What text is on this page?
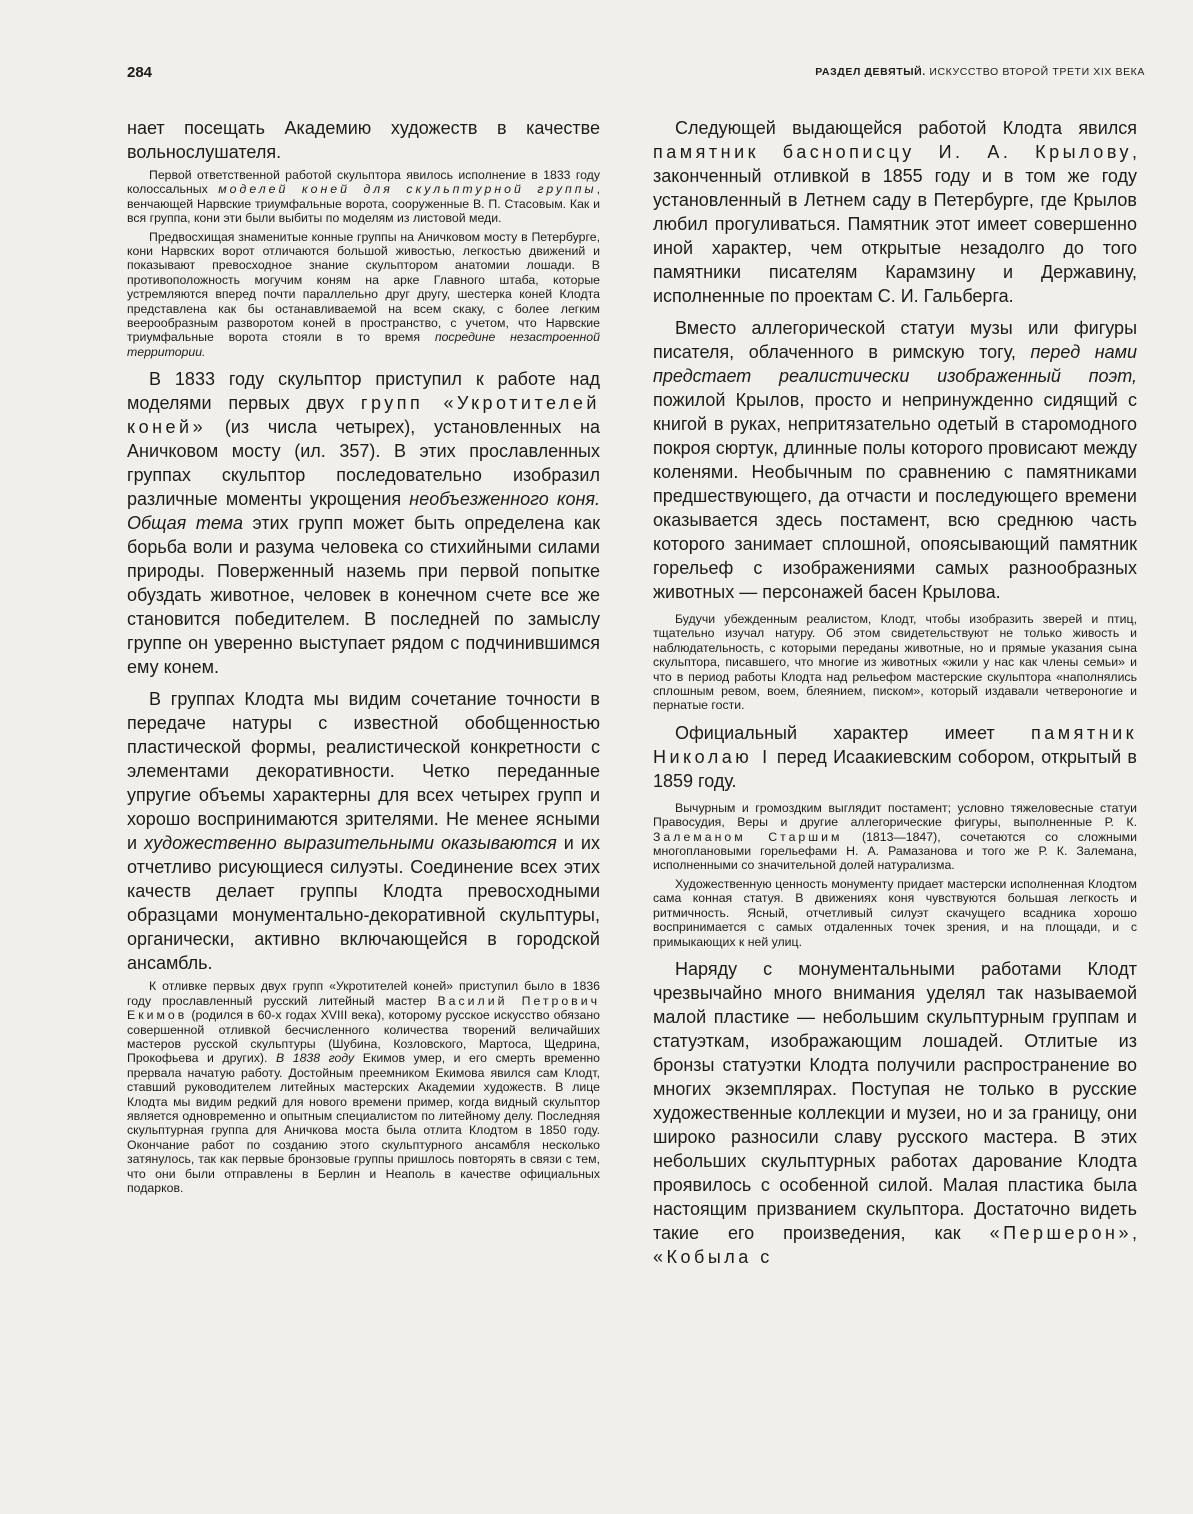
284	РАЗДЕЛ ДЕВЯТЫЙ. ИСКУССТВО ВТОРОЙ ТРЕТИ XIX ВЕКА

нает посещать Академию художеств в качестве вольнослушателя.

Первой ответственной работой скульптора явилось исполнение в 1833 году колоссальных моделей коней для скульптурной группы, венчающей Нарвские триумфальные ворота, сооруженные В. П. Стасовым. Как и вся группа, кони эти были выбиты по моделям из листовой меди.

Предвосхищая знаменитые конные группы на Аничковом мосту в Петербурге, кони Нарвских ворот отличаются большой живостью, легкостью движений и показывают превосходное знание скульптором анатомии лошади. В противоположность могучим коням на арке Главного штаба, которые устремляются вперед почти параллельно друг другу, шестерка коней Клодта представлена как бы останавливаемой на всем скаку, с более легким веерообразным разворотом коней в пространство, с учетом, что Нарвские триумфальные ворота стояли в то время посредине незастроенной территории.

В 1833 году скульптор приступил к работе над моделями первых двух групп «Укротителей коней» (из числа четырех), установленных на Аничковом мосту (ил. 357). В этих прославленных группах скульптор последовательно изобразил различные моменты укрощения необъезженного коня. Общая тема этих групп может быть определена как борьба воли и разума человека со стихийными силами природы. Поверженный наземь при первой попытке обуздать животное, человек в конечном счете все же становится победителем. В последней по замыслу группе он уверенно выступает рядом с подчинившимся ему конем.

В группах Клодта мы видим сочетание точности в передаче натуры с известной обобщенностью пластической формы, реалистической конкретности с элементами декоративности. Четко переданные упругие объемы характерны для всех четырех групп и хорошо воспринимаются зрителями. Не менее ясными и художественно выразительными оказываются и их отчетливо рисующиеся силуэты. Соединение всех этих качеств делает группы Клодта превосходными образцами монументально-декоративной скульптуры, органически, активно включающейся в городской ансамбль.

К отливке первых двух групп «Укротителей коней» приступил было в 1836 году прославленный русский литейный мастер Василий Петрович Екимов (родился в 60-х годах XVIII века), которому русское искусство обязано совершенной отливкой бесчисленного количества творений величайших мастеров русской скульптуры (Шубина, Козловского, Мартоса, Щедрина, Прокофьева и других). В 1838 году Екимов умер, и его смерть временно прервала начатую работу. Достойным преемником Екимова явился сам Клодт, ставший руководителем литейных мастерских Академии художеств. В лице Клодта мы видим редкий для нового времени пример, когда видный скульптор является одновременно и опытным специалистом по литейному делу. Последняя скульптурная группа для Аничкова моста была отлита Клодтом в 1850 году. Окончание работ по созданию этого скульптурного ансамбля несколько затянулось, так как первые бронзовые группы пришлось повторять в связи с тем, что они были отправлены в Берлин и Неаполь в качестве официальных подарков.

Следующей выдающейся работой Клодта явился памятник баснописцу И. А. Крылову, законченный отливкой в 1855 году и в том же году установленный в Летнем саду в Петербурге, где Крылов любил прогуливаться. Памятник этот имеет совершенно иной характер, чем открытые незадолго до того памятники писателям Карамзину и Державину, исполненные по проектам С. И. Гальберга.

Вместо аллегорической статуи музы или фигуры писателя, облаченного в римскую тогу, перед нами предстает реалистически изображенный поэт, пожилой Крылов, просто и непринужденно сидящий с книгой в руках, непритязательно одетый в старомодного покроя сюртук, длинные полы которого провисают между коленями. Необычным по сравнению с памятниками предшествующего, да отчасти и последующего времени оказывается здесь постамент, всю среднюю часть которого занимает сплошной, опоясывающий памятник горельеф с изображениями самых разнообразных животных — персонажей басен Крылова.

Будучи убежденным реалистом, Клодт, чтобы изобразить зверей и птиц, тщательно изучал натуру. Об этом свидетельствуют не только живость и наблюдательность, с которыми переданы животные, но и прямые указания сына скульптора, писавшего, что многие из животных «жили у нас как члены семьи» и что в период работы Клодта над рельефом мастерские скульптора «наполнялись сплошным ревом, воем, блеянием, писком», который издавали четвероногие и пернатые гости.

Официальный характер имеет памятник Николаю I перед Исаакиевским собором, открытый в 1859 году.

Вычурным и громоздким выглядит постамент; условно тяжеловесные статуи Правосудия, Веры и другие аллегорические фигуры, выполненные Р. К. Залеманом Старшим (1813—1847), сочетаются со сложными многоплановыми горельефами Н. А. Рамазанова и того же Р. К. Залемана, исполненными со значительной долей натурализма.

Художественную ценность монументу придает мастерски исполненная Клодтом сама конная статуя. В движениях коня чувствуются большая легкость и ритмичность. Ясный, отчетливый силуэт скачущего всадника хорошо воспринимается с самых отдаленных точек зрения, и на площади, и с примыкающих к ней улиц.

Наряду с монументальными работами Клодт чрезвычайно много внимания уделял так называемой малой пластике — небольшим скульптурным группам и статуэткам, изображающим лошадей. Отлитые из бронзы статуэтки Клодта получили распространение во многих экземплярах. Поступая не только в русские художественные коллекции и музеи, но и за границу, они широко разносили славу русского мастера. В этих небольших скульптурных работах дарование Клодта проявилось с особенной силой. Малая пластика была настоящим призванием скульптора. Достаточно видеть такие его произведения, как «Першерон», «Кобыла с
